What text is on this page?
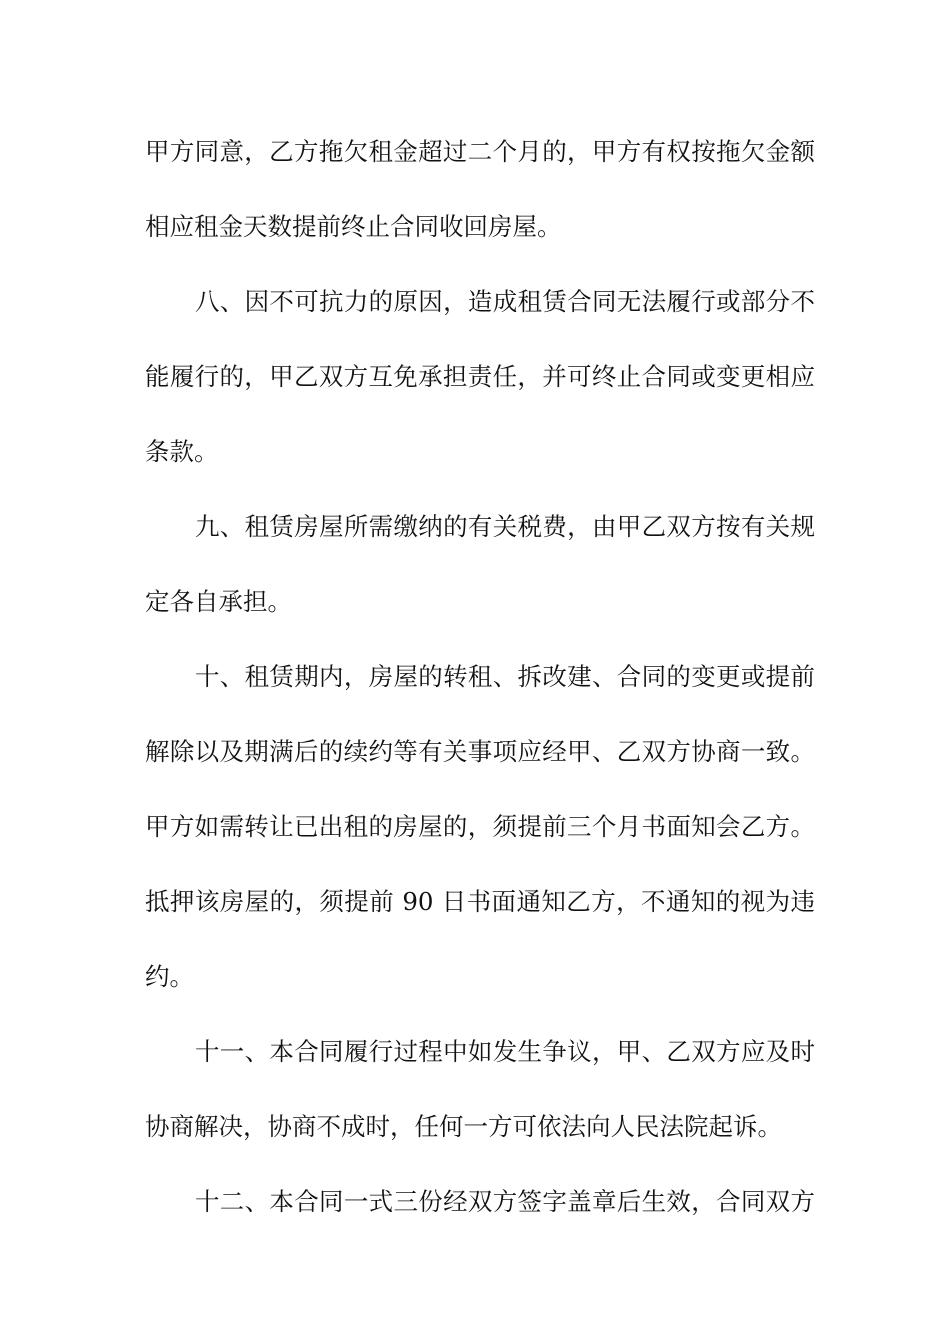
甲方同意，乙方拖欠租金超过二个月的，甲方有权按拖欠金额
相应租金天数提前终止合同收回房屋。
八、因不可抗力的原因，造成租赁合同无法履行或部分不
能履行的，甲乙双方互免承担责任，并可终止合同或变更相应
条款。
九、租赁房屋所需缴纳的有关税费，由甲乙双方按有关规
定各自承担。
十、租赁期内，房屋的转租、拆改建、合同的变更或提前
解除以及期满后的续约等有关事项应经甲、乙双方协商一致。
甲方如需转让已出租的房屋的，须提前三个月书面知会乙方。
抵押该房屋的，须提前 90 日书面通知乙方，不通知的视为违
约。
十一、本合同履行过程中如发生争议，甲、乙双方应及时
协商解决，协商不成时，任何一方可依法向人民法院起诉。
十二、本合同一式三份经双方签字盖章后生效，合同双方
